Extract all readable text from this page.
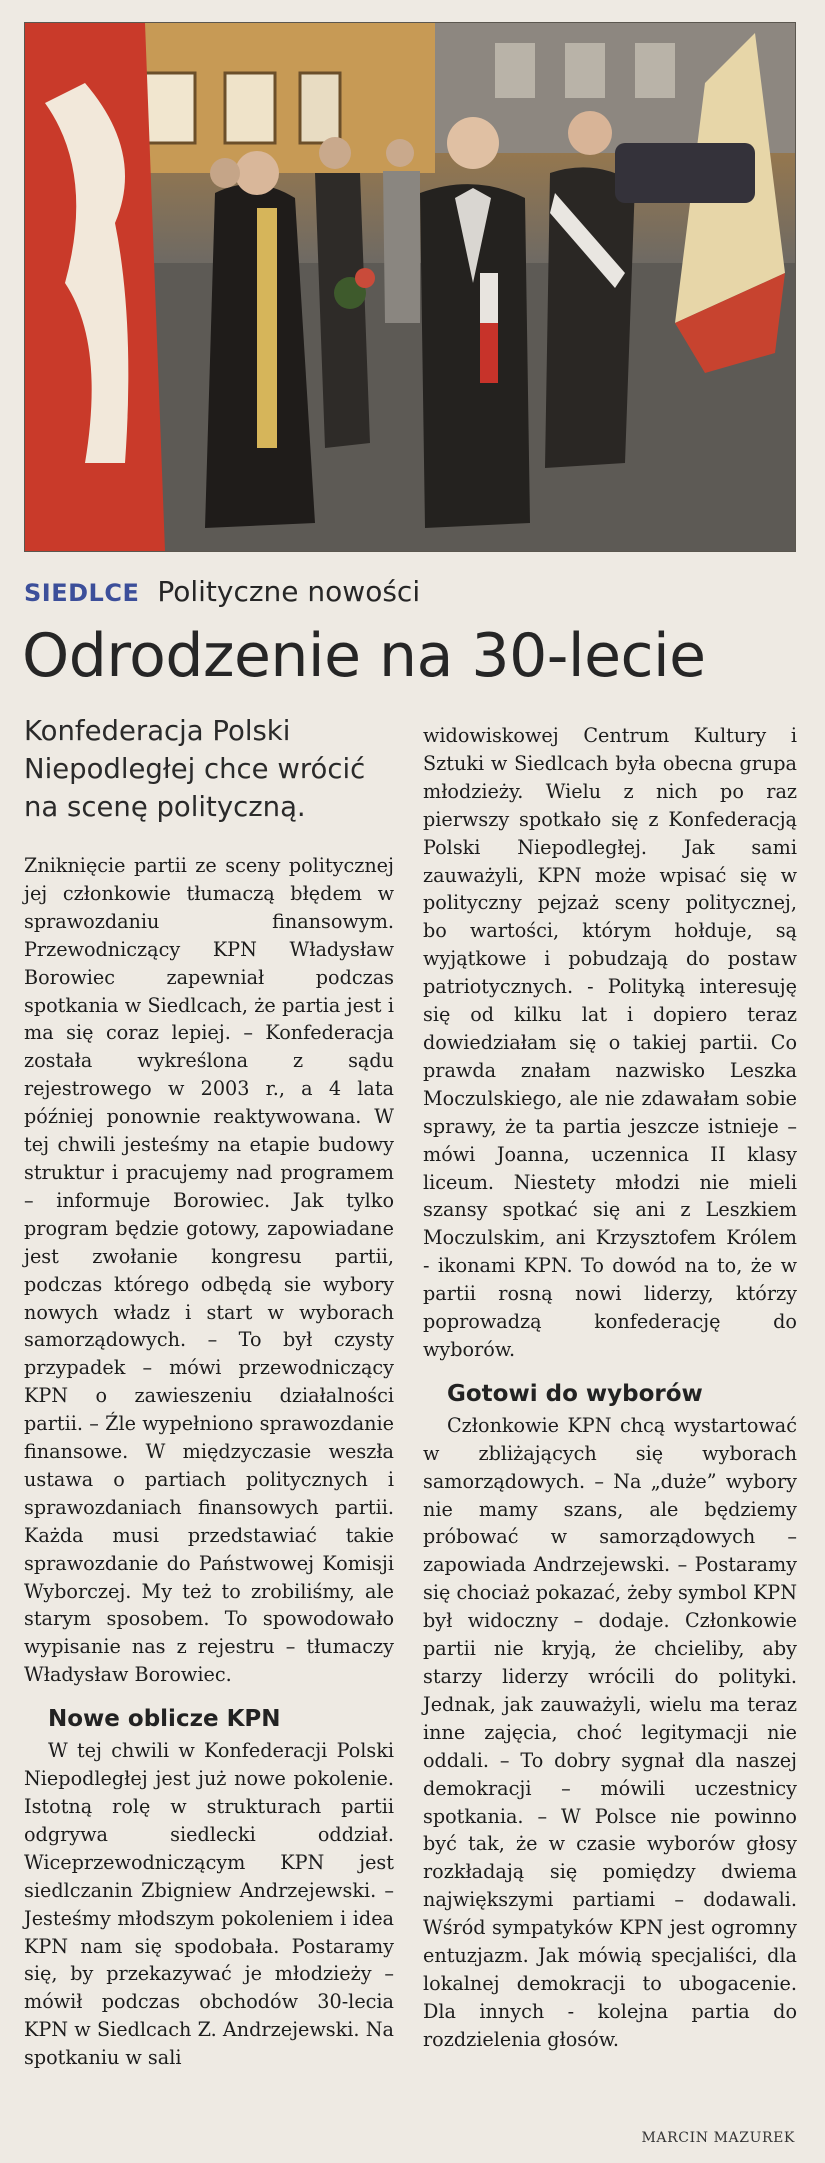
SIEDLCE Polityczne nowości
Odrodzenie na 30-lecie
Konfederacja Polski Niepodległej chce wrócić na scenę polityczną.

Zniknięcie partii ze sceny politycznej jej członkowie tłumaczą błędem w sprawozdaniu finansowym. Przewodniczący KPN Władysław Borowiec zapewniał podczas spotkania w Siedlcach, że partia jest i ma się coraz lepiej. – Konfederacja została wykreślona z sądu rejestrowego w 2003 r., a 4 lata później ponownie reaktywowana. W tej chwili jesteśmy na etapie budowy struktur i pracujemy nad programem – informuje Borowiec. Jak tylko program będzie gotowy, zapowiadane jest zwołanie kongresu partii, podczas którego odbędą sie wybory nowych władz i start w wyborach samorządowych. – To był czysty przypadek – mówi przewodniczący KPN o zawieszeniu działalności partii. – Źle wypełniono sprawozdanie finansowe. W międzyczasie weszła ustawa o partiach politycznych i sprawozdaniach finansowych partii. Każda musi przedstawiać takie sprawozdanie do Państwowej Komisji Wyborczej. My też to zrobiliśmy, ale starym sposobem. To spowodowało wypisanie nas z rejestru – tłumaczy Władysław Borowiec.

Nowe oblicze KPN

W tej chwili w Konfederacji Polski Niepodległej jest już nowe pokolenie. Istotną rolę w strukturach partii odgrywa siedlecki oddział. Wiceprzewodniczącym KPN jest siedlczanin Zbigniew Andrzejewski. – Jesteśmy młodszym pokoleniem i idea KPN nam się spodobała. Postaramy się, by przekazywać je młodzieży – mówił podczas obchodów 30-lecia KPN w Siedlcach Z. Andrzejewski. Na spotkaniu w sali

widowiskowej Centrum Kultury i Sztuki w Siedlcach była obecna grupa młodzieży. Wielu z nich po raz pierwszy spotkało się z Konfederacją Polski Niepodległej. Jak sami zauważyli, KPN może wpisać się w polityczny pejzaż sceny politycznej, bo wartości, którym hołduje, są wyjątkowe i pobudzają do postaw patriotycznych. - Polityką interesuję się od kilku lat i dopiero teraz dowiedziałam się o takiej partii. Co prawda znałam nazwisko Leszka Moczulskiego, ale nie zdawałam sobie sprawy, że ta partia jeszcze istnieje – mówi Joanna, uczennica II klasy liceum. Niestety młodzi nie mieli szansy spotkać się ani z Leszkiem Moczulskim, ani Krzysztofem Królem - ikonami KPN. To dowód na to, że w partii rosną nowi liderzy, którzy poprowadzą konfederację do wyborów.

Gotowi do wyborów

Członkowie KPN chcą wystartować w zbliżających się wyborach samorządowych. – Na „duże” wybory nie mamy szans, ale będziemy próbować w samorządowych – zapowiada Andrzejewski. – Postaramy się chociaż pokazać, żeby symbol KPN był widoczny – dodaje. Członkowie partii nie kryją, że chcieliby, aby starzy liderzy wrócili do polityki. Jednak, jak zauważyli, wielu ma teraz inne zajęcia, choć legitymacji nie oddali. – To dobry sygnał dla naszej demokracji – mówili uczestnicy spotkania. – W Polsce nie powinno być tak, że w czasie wyborów głosy rozkładają się pomiędzy dwiema największymi partiami – dodawali. Wśród sympatyków KPN jest ogromny entuzjazm. Jak mówią specjaliści, dla lokalnej demokracji to ubogacenie. Dla innych - kolejna partia do rozdzielenia głosów.

MARCIN MAZUREK
